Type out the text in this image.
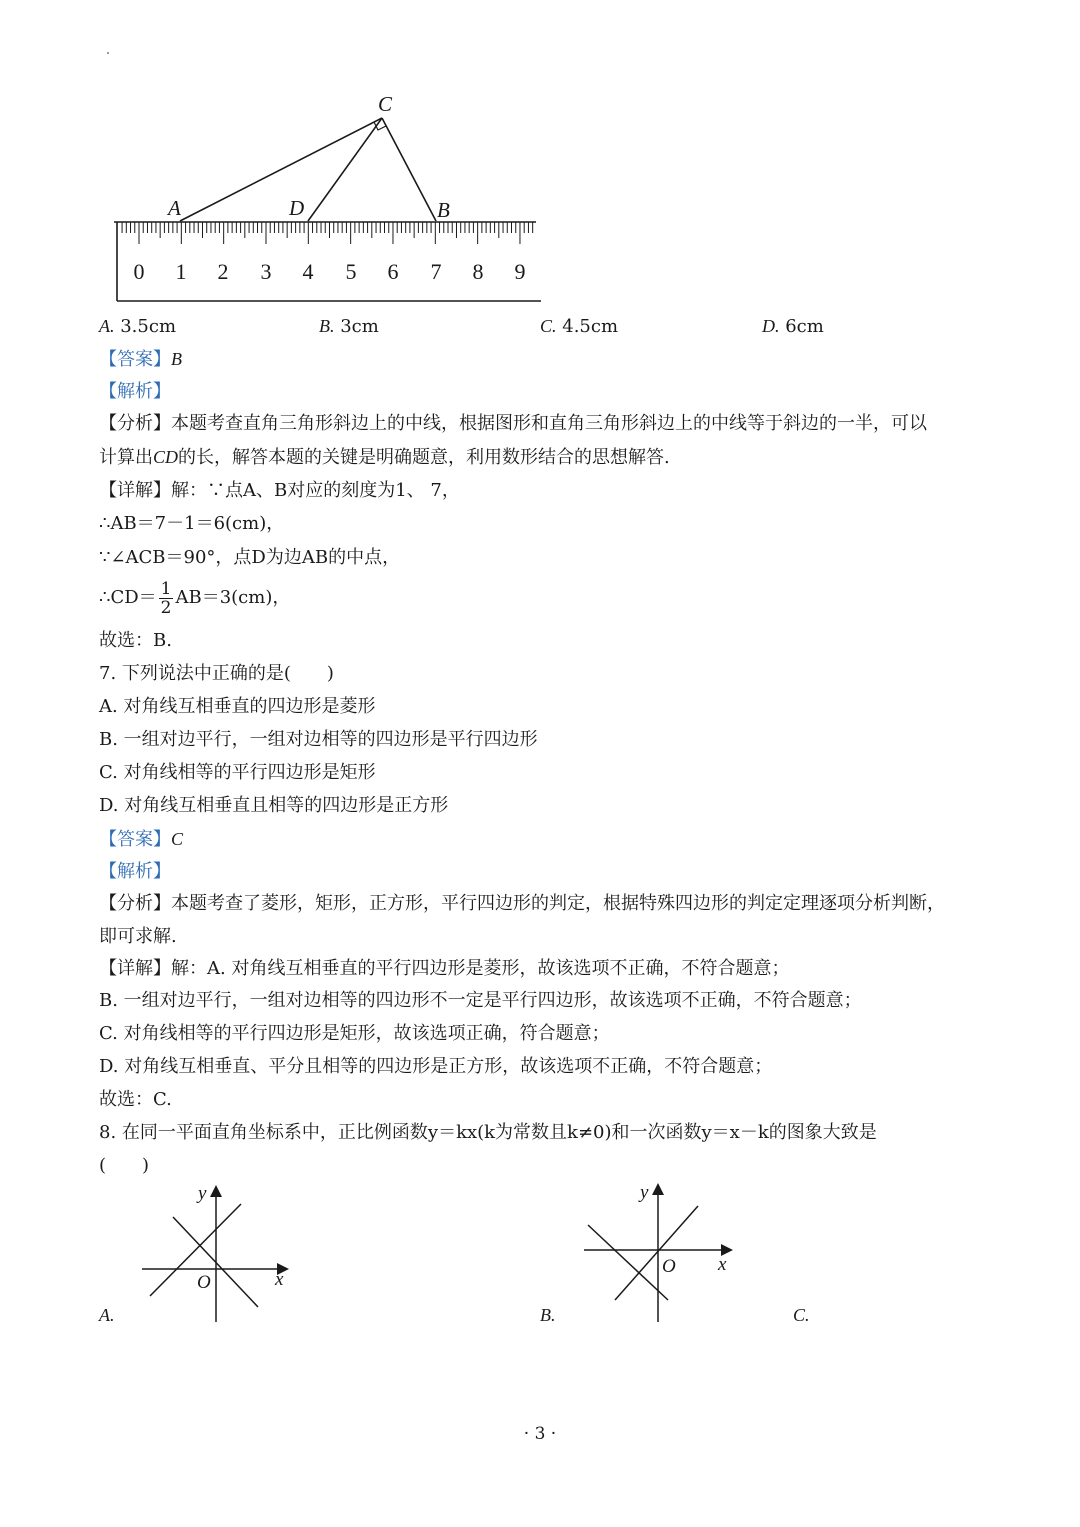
C
A	D	B
0 1 2 3 4 5 6 7 8 9
A. 3.5cm	B. 3cm	C. 4.5cm	D. 6cm
【答案】B
【解析】
【分析】本题考查直角三角形斜边上的中线，根据图形和直角三角形斜边上的中线等于斜边的一半，可以
计算出CD的长，解答本题的关键是明确题意，利用数形结合的思想解答.
【详解】解：∵点A、B对应的刻度为1、 7，
∴AB＝7－1＝6(cm)，
∵∠ACB＝90°，点D为边AB的中点，
∴CD＝ $\frac{1}{2} AB=3(cm)$，
故选：B.
7. 下列说法中正确的是(　　)
A. 对角线互相垂直的四边形是菱形
B. 一组对边平行，一组对边相等的四边形是平行四边形
C. 对角线相等的平行四边形是矩形
D. 对角线互相垂直且相等的四边形是正方形
【答案】C
【解析】
【分析】本题考查了菱形，矩形，正方形，平行四边形的判定，根据特殊四边形的判定定理逐项分析判断，
即可求解.
【详解】解：A. 对角线互相垂直的平行四边形是菱形，故该选项不正确，不符合题意；
B. 一组对边平行，一组对边相等的四边形不一定是平行四边形，故该选项不正确，不符合题意；
C. 对角线相等的平行四边形是矩形，故该选项正确，符合题意；
D. 对角线互相垂直、平分且相等的四边形是正方形，故该选项不正确，不符合题意；
故选：C.
8. 在同一平面直角坐标系中，正比例函数y＝kx(k为常数且k≠0)和一次函数y＝x－k的图象大致是
(　　)
y
x
O
A.
y
x
O
B.	C.
· 3 ·
